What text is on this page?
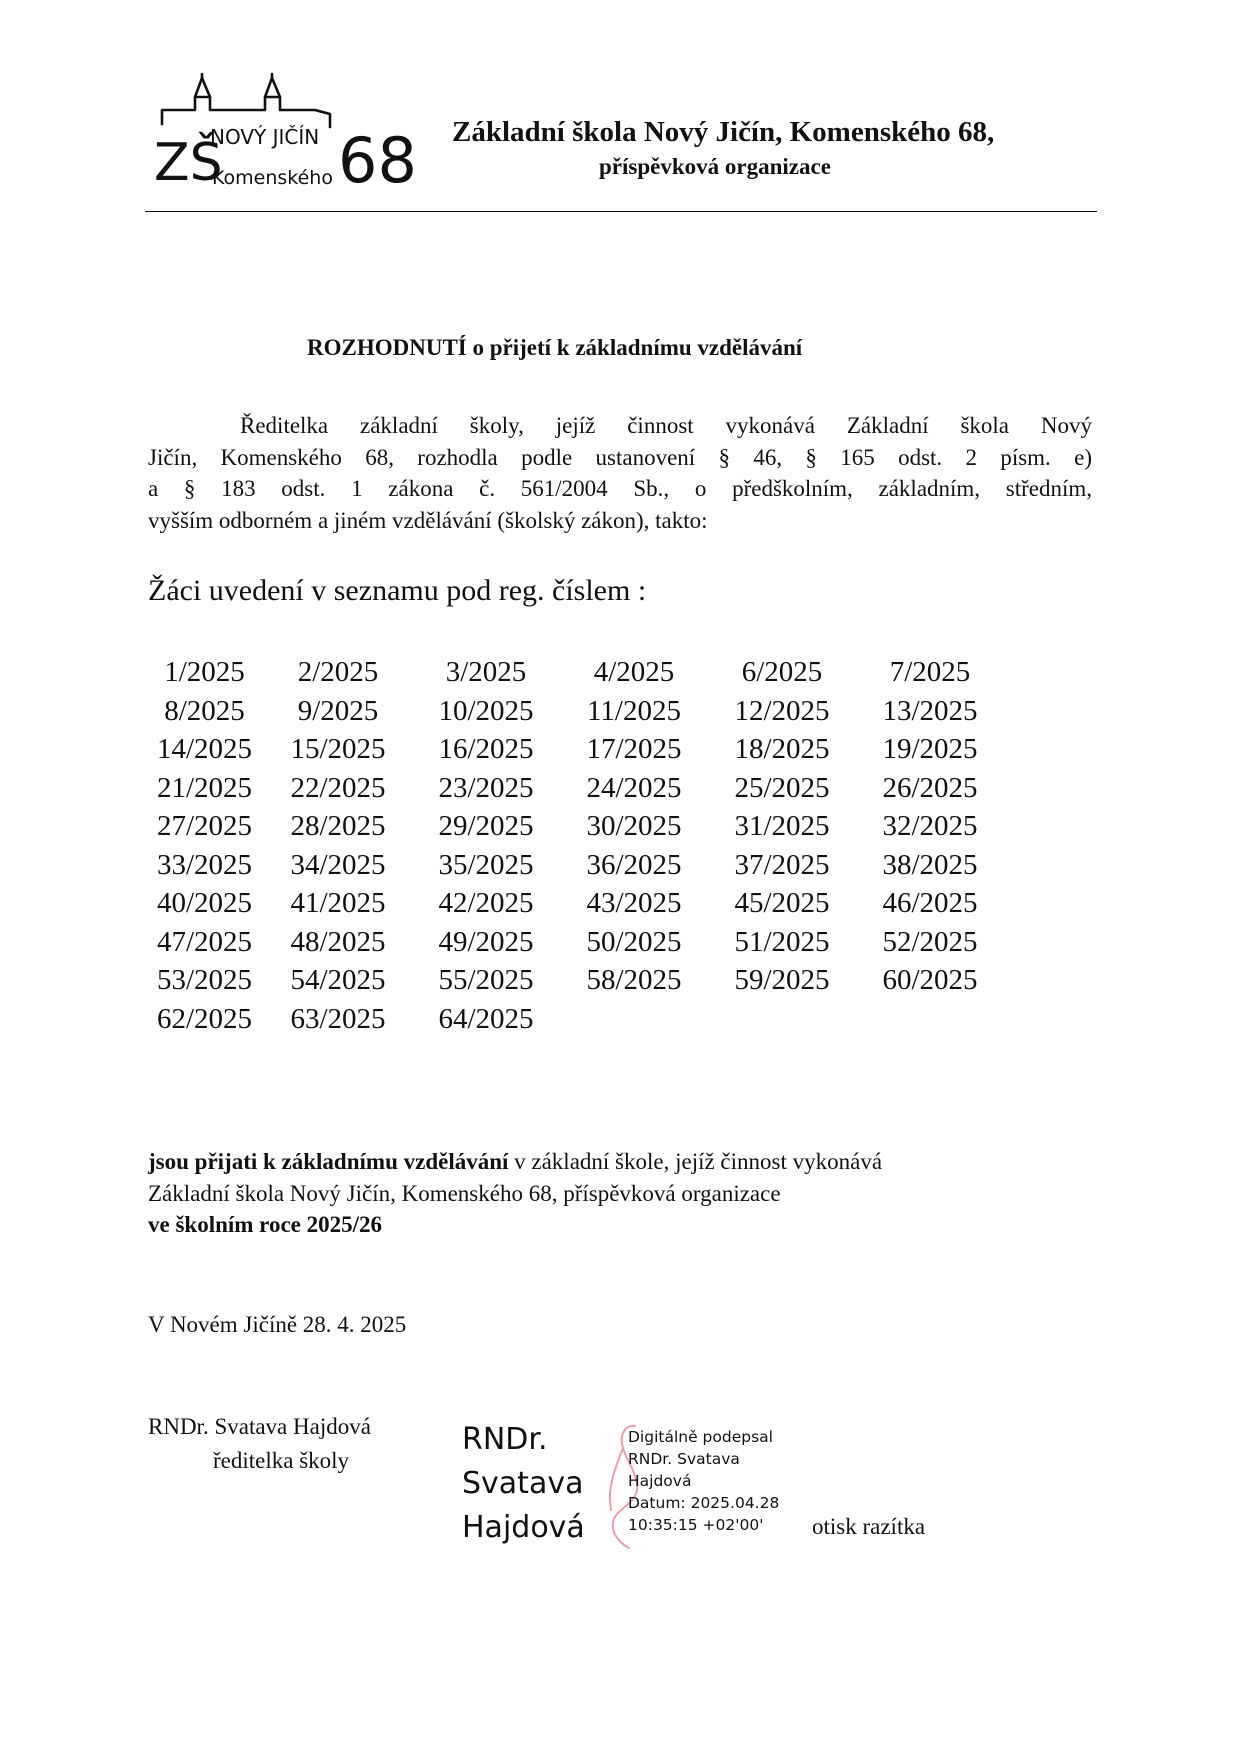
ZŠ
NOVÝ JIČÍN
Komenského 68 Základní škola Nový Jičín, Komenského 68,
příspěvková organizace
ROZHODNUTÍ o přijetí k základnímu vzdělávání
Ředitelka základní školy, jejíž činnost vykonává Základní škola Nový
Jičín, Komenského 68, rozhodla podle ustanovení § 46, § 165 odst. 2 písm. e)
a § 183 odst. 1 zákona č. 561/2004 Sb., o předškolním, základním, středním,
vyšším odborném a jiném vzdělávání (školský zákon), takto:
Žáci uvedení v seznamu pod reg. číslem :
1/2025	2/2025	3/2025	4/2025	6/2025	7/2025
8/2025	9/2025	10/2025	11/2025	12/2025	13/2025
14/2025	15/2025	16/2025	17/2025	18/2025	19/2025
21/2025	22/2025	23/2025	24/2025	25/2025	26/2025
27/2025	28/2025	29/2025	30/2025	31/2025	32/2025
33/2025	34/2025	35/2025	36/2025	37/2025	38/2025
40/2025	41/2025	42/2025	43/2025	45/2025	46/2025
47/2025	48/2025	49/2025	50/2025	51/2025	52/2025
53/2025	54/2025	55/2025	58/2025	59/2025	60/2025
62/2025	63/2025	64/2025
jsou přijati k základnímu vzdělávání v základní škole, jejíž činnost vykonává
Základní škola Nový Jičín, Komenského 68, příspěvková organizace
ve školním roce 2025/26
V Novém Jičíně 28. 4. 2025
RNDr. Svatava Hajdová
ředitelka školy
RNDr.
Svatava
Hajdová
Digitálně podepsal
RNDr. Svatava
Hajdová
Datum: 2025.04.28
10:35:15 +02'00'	otisk razítka
